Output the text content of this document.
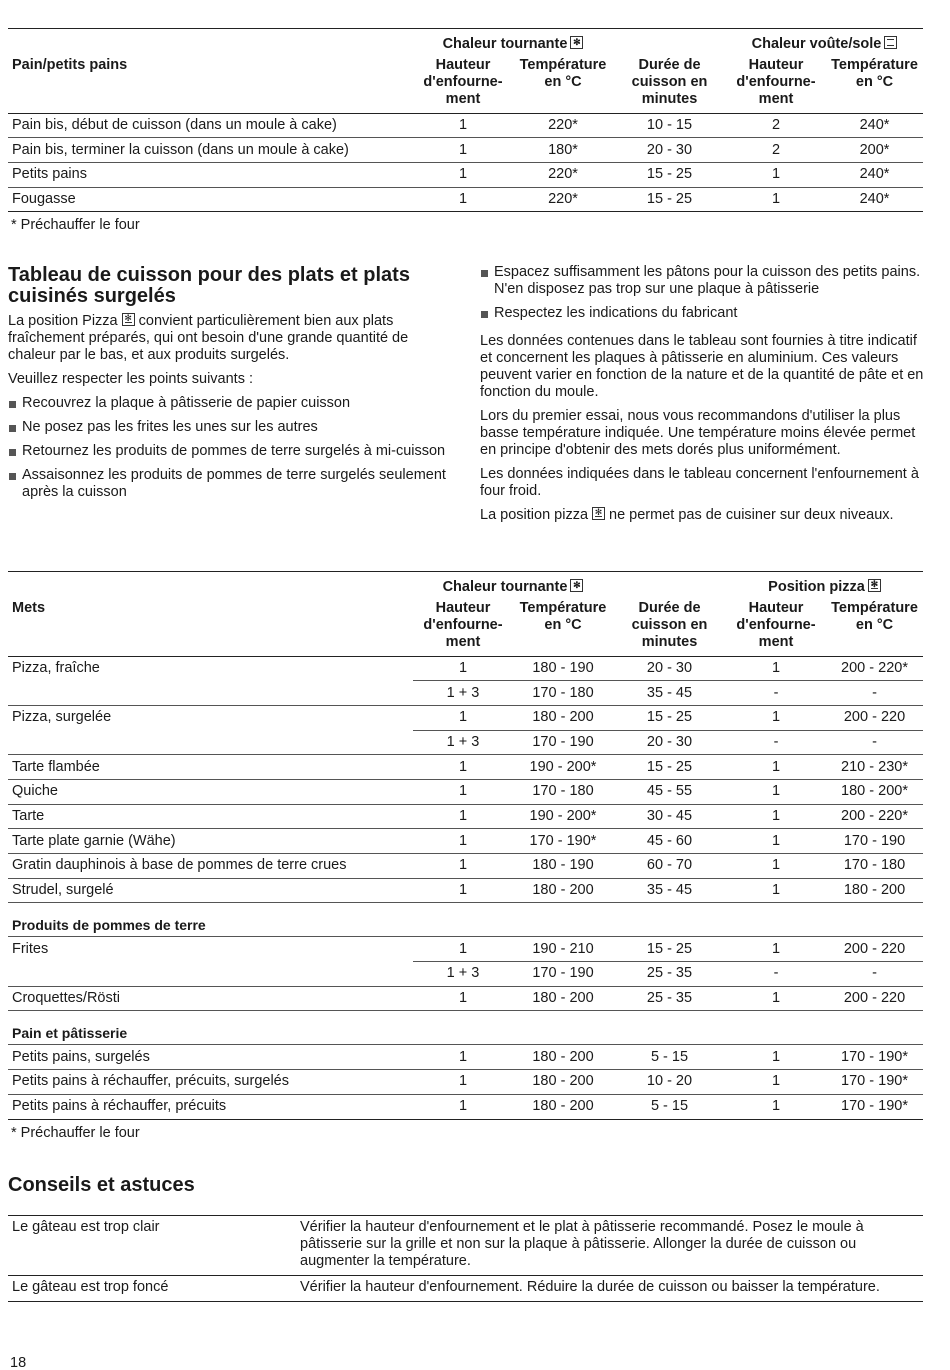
	Chaleur tournante✻			Chaleur voûte/sole	
Pain/petits pains	Hauteur d'enfourne-ment	Température en °C	Durée de cuisson en minutes	Hauteur d'enfourne-ment	Température en °C
Pain bis, début de cuisson (dans un moule à cake)	1	220*	10 - 15	2	240*
Pain bis, terminer la cuisson (dans un moule à cake)	1	180*	20 - 30	2	200*
Petits pains	1	220*	15 - 25	1	240*
Fougasse	1	220*	15 - 25	1	240*
* Préchauffer le four
Tableau de cuisson pour des plats et plats cuisinés surgelés

La position Pizza ✻ convient particulièrement bien aux plats fraîchement préparés, qui ont besoin d'une grande quantité de chaleur par le bas, et aux produits surgelés.

Veuillez respecter les points suivants :

Recouvrez la plaque à pâtisserie de papier cuisson
Ne posez pas les frites les unes sur les autres
Retournez les produits de pommes de terre surgelés à mi-cuisson
Assaisonnez les produits de pommes de terre surgelés seulement après la cuisson
Espacez suffisamment les pâtons pour la cuisson des petits pains. N'en disposez pas trop sur une plaque à pâtisserie
Respectez les indications du fabricant

Les données contenues dans le tableau sont fournies à titre indicatif et concernent les plaques à pâtisserie en aluminium. Ces valeurs peuvent varier en fonction de la nature et de la quantité de pâte et en fonction du moule.

Lors du premier essai, nous vous recommandons d'utiliser la plus basse température indiquée. Une température moins élevée permet en principe d'obtenir des mets dorés plus uniformément.

Les données indiquées dans le tableau concernent l'enfournement à four froid.

La position pizza ✻ ne permet pas de cuisiner sur deux niveaux.

	Chaleur tournante✻			Position pizza✻
Mets	Hauteur d'enfourne-ment	Température en °C	Durée de cuisson en minutes	Hauteur d'enfourne-ment	Température en °C
Pizza, fraîche	1	180 - 190	20 - 30	1	200 - 220*
	1 + 3	170 - 180	35 - 45	-	-
Pizza, surgelée	1	180 - 200	15 - 25	1	200 - 220
	1 + 3	170 - 190	20 - 30	-	-
Tarte flambée	1	190 - 200*	15 - 25	1	210 - 230*
Quiche	1	170 - 180	45 - 55	1	180 - 200*
Tarte	1	190 - 200*	30 - 45	1	200 - 220*
Tarte plate garnie (Wähe)	1	170 - 190*	45 - 60	1	170 - 190
Gratin dauphinois à base de pommes de terre crues	1	180 - 190	60 - 70	1	170 - 180
Strudel, surgelé	1	180 - 200	35 - 45	1	180 - 200
Produits de pommes de terre					
Frites	1	190 - 210	15 - 25	1	200 - 220
	1 + 3	170 - 190	25 - 35	-	-
Croquettes/Rösti	1	180 - 200	25 - 35	1	200 - 220
Pain et pâtisserie					
Petits pains, surgelés	1	180 - 200	5 - 15	1	170 - 190*
Petits pains à réchauffer, précuits, surgelés	1	180 - 200	10 - 20	1	170 - 190*
Petits pains à réchauffer, précuits	1	180 - 200	5 - 15	1	170 - 190*
* Préchauffer le four
Conseils et astuces
Le gâteau est trop clair	Vérifier la hauteur d'enfournement et le plat à pâtisserie recommandé. Posez le moule à pâtisserie sur la grille et non sur la plaque à pâtisserie. Allonger la durée de cuisson ou augmenter la température.
Le gâteau est trop foncé	Vérifier la hauteur d'enfournement. Réduire la durée de cuisson ou baisser la température.
18
